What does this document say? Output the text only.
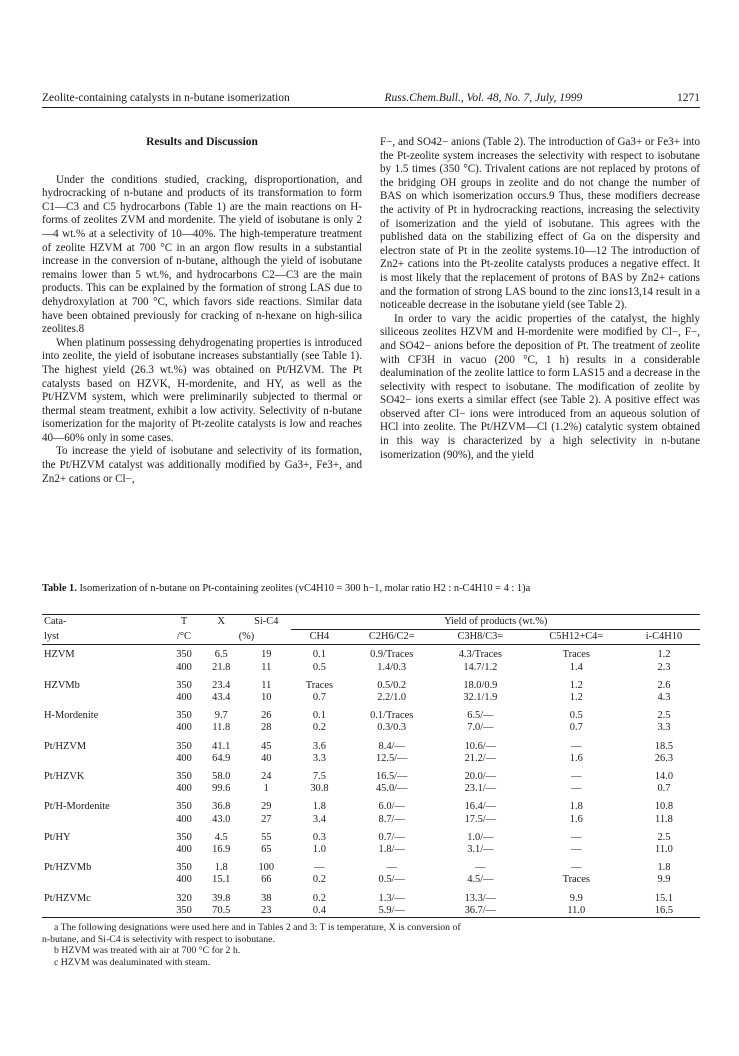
Zeolite-containing catalysts in n-butane isomerization	Russ.Chem.Bull., Vol. 48, No. 7, July, 1999	1271
Results and Discussion

Under the conditions studied, cracking, disproportionation, and hydrocracking of n-butane and products of its transformation to form C1—C3 and C5 hydrocarbons (Table 1) are the main reactions on H-forms of zeolites ZVM and mordenite. The yield of isobutane is only 2—4 wt.% at a selectivity of 10—40%. The high-temperature treatment of zeolite HZVM at 700 °C in an argon flow results in a substantial increase in the conversion of n-butane, although the yield of isobutane remains lower than 5 wt.%, and hydrocarbons C2—C3 are the main products. This can be explained by the formation of strong LAS due to dehydroxylation at 700 °C, which favors side reactions. Similar data have been obtained previously for cracking of n-hexane on high-silica zeolites.8

When platinum possessing dehydrogenating properties is introduced into zeolite, the yield of isobutane increases substantially (see Table 1). The highest yield (26.3 wt.%) was obtained on Pt/HZVM. The Pt catalysts based on HZVK, H-mordenite, and HY, as well as the Pt/HZVM system, which were preliminarily subjected to thermal or thermal steam treatment, exhibit a low activity. Selectivity of n-butane isomerization for the majority of Pt-zeolite catalysts is low and reaches 40—60% only in some cases.

To increase the yield of isobutane and selectivity of its formation, the Pt/HZVM catalyst was additionally modified by Ga3+, Fe3+, and Zn2+ cations or Cl−,

F−, and SO42− anions (Table 2). The introduction of Ga3+ or Fe3+ into the Pt-zeolite system increases the selectivity with respect to isobutane by 1.5 times (350 °C). Trivalent cations are not replaced by protons of the bridging OH groups in zeolite and do not change the number of BAS on which isomerization occurs.9 Thus, these modifiers decrease the activity of Pt in hydrocracking reactions, increasing the selectivity of isomerization and the yield of isobutane. This agrees with the published data on the stabilizing effect of Ga on the dispersity and electron state of Pt in the zeolite systems.10—12 The introduction of Zn2+ cations into the Pt-zeolite catalysts produces a negative effect. It is most likely that the replacement of protons of BAS by Zn2+ cations and the formation of strong LAS bound to the zinc ions13,14 result in a noticeable decrease in the isobutane yield (see Table 2).

In order to vary the acidic properties of the catalyst, the highly siliceous zeolites HZVM and H-mordenite were modified by Cl−, F−, and SO42− anions before the deposition of Pt. The treatment of zeolite with CF3H in vacuo (200 °C, 1 h) results in a considerable dealumination of the zeolite lattice to form LAS15 and a decrease in the selectivity with respect to isobutane. The modification of zeolite by SO42− ions exerts a similar effect (see Table 2). A positive effect was observed after Cl− ions were introduced from an aqueous solution of HCl into zeolite. The Pt/HZVM—Cl (1.2%) catalytic system obtained in this way is characterized by a high selectivity in n-butane isomerization (90%), and the yield

Table 1. Isomerization of n-butane on Pt-containing zeolites (vC4H10 = 300 h−1, molar ratio H2 : n-C4H10 = 4 : 1)a
Cata-	T	X	Si-C4	Yield of products (wt.%)				
lyst	/°C	(%)		CH4	C2H6/C2=	C3H8/C3=	C5H12+C4=	i-C4H10

HZVM	350	6.5	19	0.1	0.9/Traces	4.3/Traces	Traces	1.2
	400	21.8	11	0.5	1.4/0.3	14.7/1.2	1.4	2.3
HZVMb	350	23.4	11	Traces	0.5/0.2	18.0/0.9	1.2	2.6
	400	43.4	10	0.7	2.2/1.0	32.1/1.9	1.2	4.3
H-Mordenite	350	9.7	26	0.1	0.1/Traces	6.5/—	0.5	2.5
	400	11.8	28	0.2	0.3/0.3	7.0/—	0.7	3.3
Pt/HZVM	350	41.1	45	3.6	8.4/—	10.6/—	—	18.5
	400	64.9	40	3.3	12.5/—	21.2/—	1.6	26.3
Pt/HZVK	350	58.0	24	7.5	16.5/—	20.0/—	—	14.0
	400	99.6	1	30.8	45.0/—	23.1/—	—	0.7
Pt/H-Mordenite	350	36.8	29	1.8	6.0/—	16.4/—	1.8	10.8
	400	43.0	27	3.4	8.7/—	17.5/—	1.6	11.8
Pt/HY	350	4.5	55	0.3	0.7/—	1.0/—	—	2.5
	400	16.9	65	1.0	1.8/—	3.1/—	—	11.0
Pt/HZVMb	350	1.8	100	—	—	—	—	1.8
	400	15.1	66	0.2	0.5/—	4.5/—	Traces	9.9
Pt/HZVMc	320	39.8	38	0.2	1.3/—	13.3/—	9.9	15.1
	350	70.5	23	0.4	5.9/—	36.7/—	11.0	16.5
a The following designations were used here and in Tables 2 and 3: T is temperature, X is conversion of
n-butane, and Si-C4 is selectivity with respect to isobutane.
b HZVM was treated with air at 700 °C for 2 h.
c HZVM was dealuminated with steam.
